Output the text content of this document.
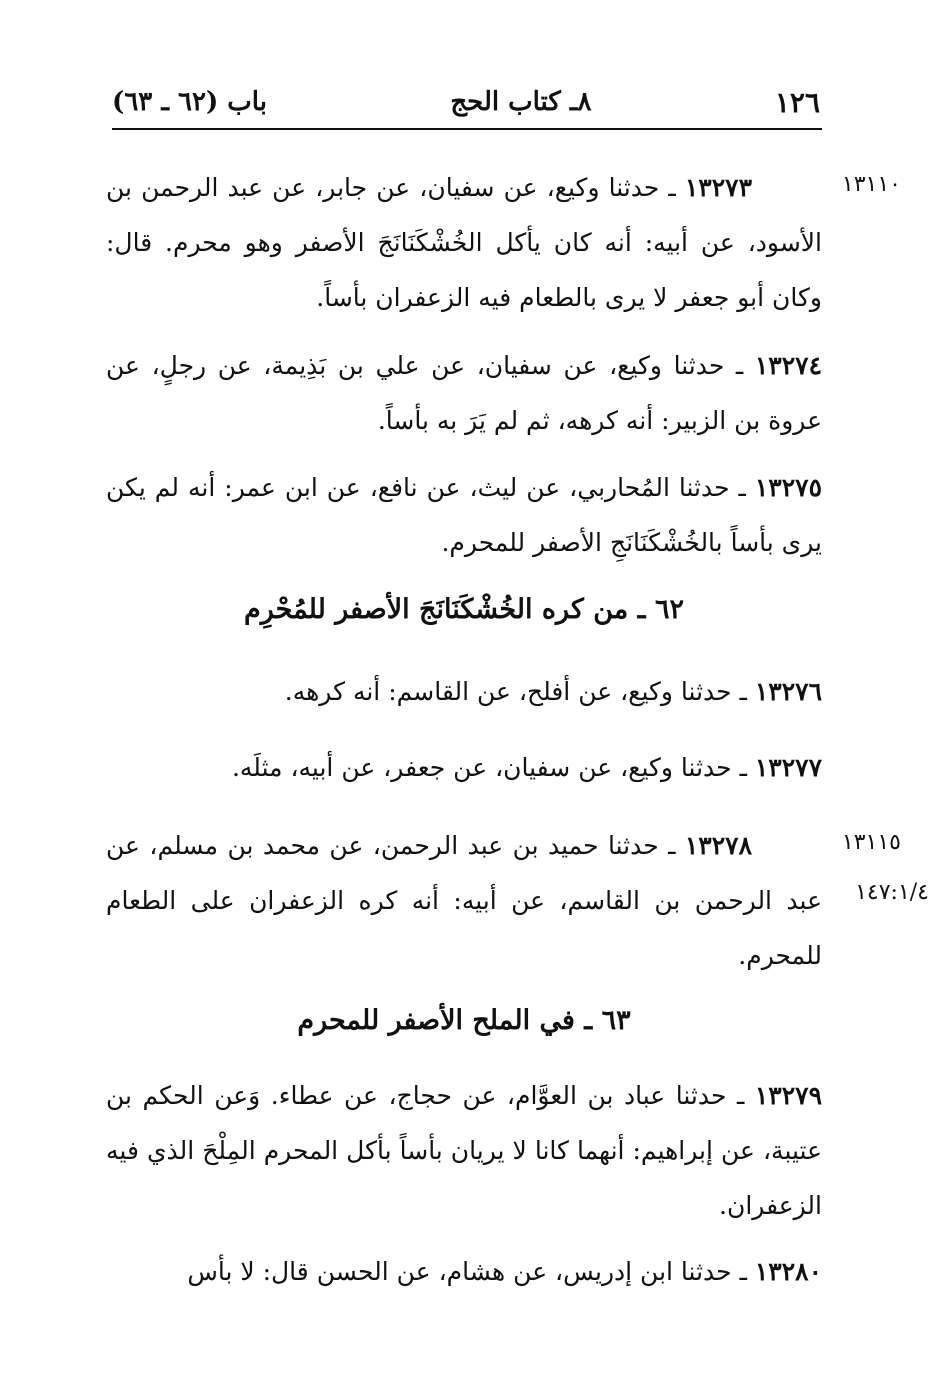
١٢٦
٨ـ كتاب الحج
باب (٦٢ ـ ٦٣)
١٣١١٠
١٣١١٥
١٤٧:١/٤
١٣٢٧٣ ـ حدثنا وكيع، عن سفيان، عن جابر، عن عبد الرحمن بن الأسود، عن أبيه: أنه كان يأكل الخُشْكَنَانَجَ الأصفر وهو محرم. قال: وكان أبو جعفر لا يرى بالطعام فيه الزعفران بأساً.
١٣٢٧٤ ـ حدثنا وكيع، عن سفيان، عن علي بن بَذِيمة، عن رجلٍ، عن عروة بن الزبير: أنه كرهه، ثم لم يَرَ به بأساً.
١٣٢٧٥ ـ حدثنا المُحاربي، عن ليث، عن نافع، عن ابن عمر: أنه لم يكن يرى بأساً بالخُشْكَنَانَجِ الأصفر للمحرم.
٦٢ ـ من كره الخُشْكَنَانَجَ الأصفر للمُحْرِم
١٣٢٧٦ ـ حدثنا وكيع، عن أفلح، عن القاسم: أنه كرهه.
١٣٢٧٧ ـ حدثنا وكيع، عن سفيان، عن جعفر، عن أبيه، مثلَه.
١٣٢٧٨ ـ حدثنا حميد بن عبد الرحمن، عن محمد بن مسلم، عن عبد الرحمن بن القاسم، عن أبيه: أنه كره الزعفران على الطعام للمحرم.
٦٣ ـ في الملح الأصفر للمحرم
١٣٢٧٩ ـ حدثنا عباد بن العوَّام، عن حجاج، عن عطاء. وَعن الحكم بن عتيبة، عن إبراهيم: أنهما كانا لا يريان بأساً بأكل المحرم المِلْحَ الذي فيه الزعفران.
١٣٢٨٠ ـ حدثنا ابن إدريس، عن هشام، عن الحسن قال: لا بأس
